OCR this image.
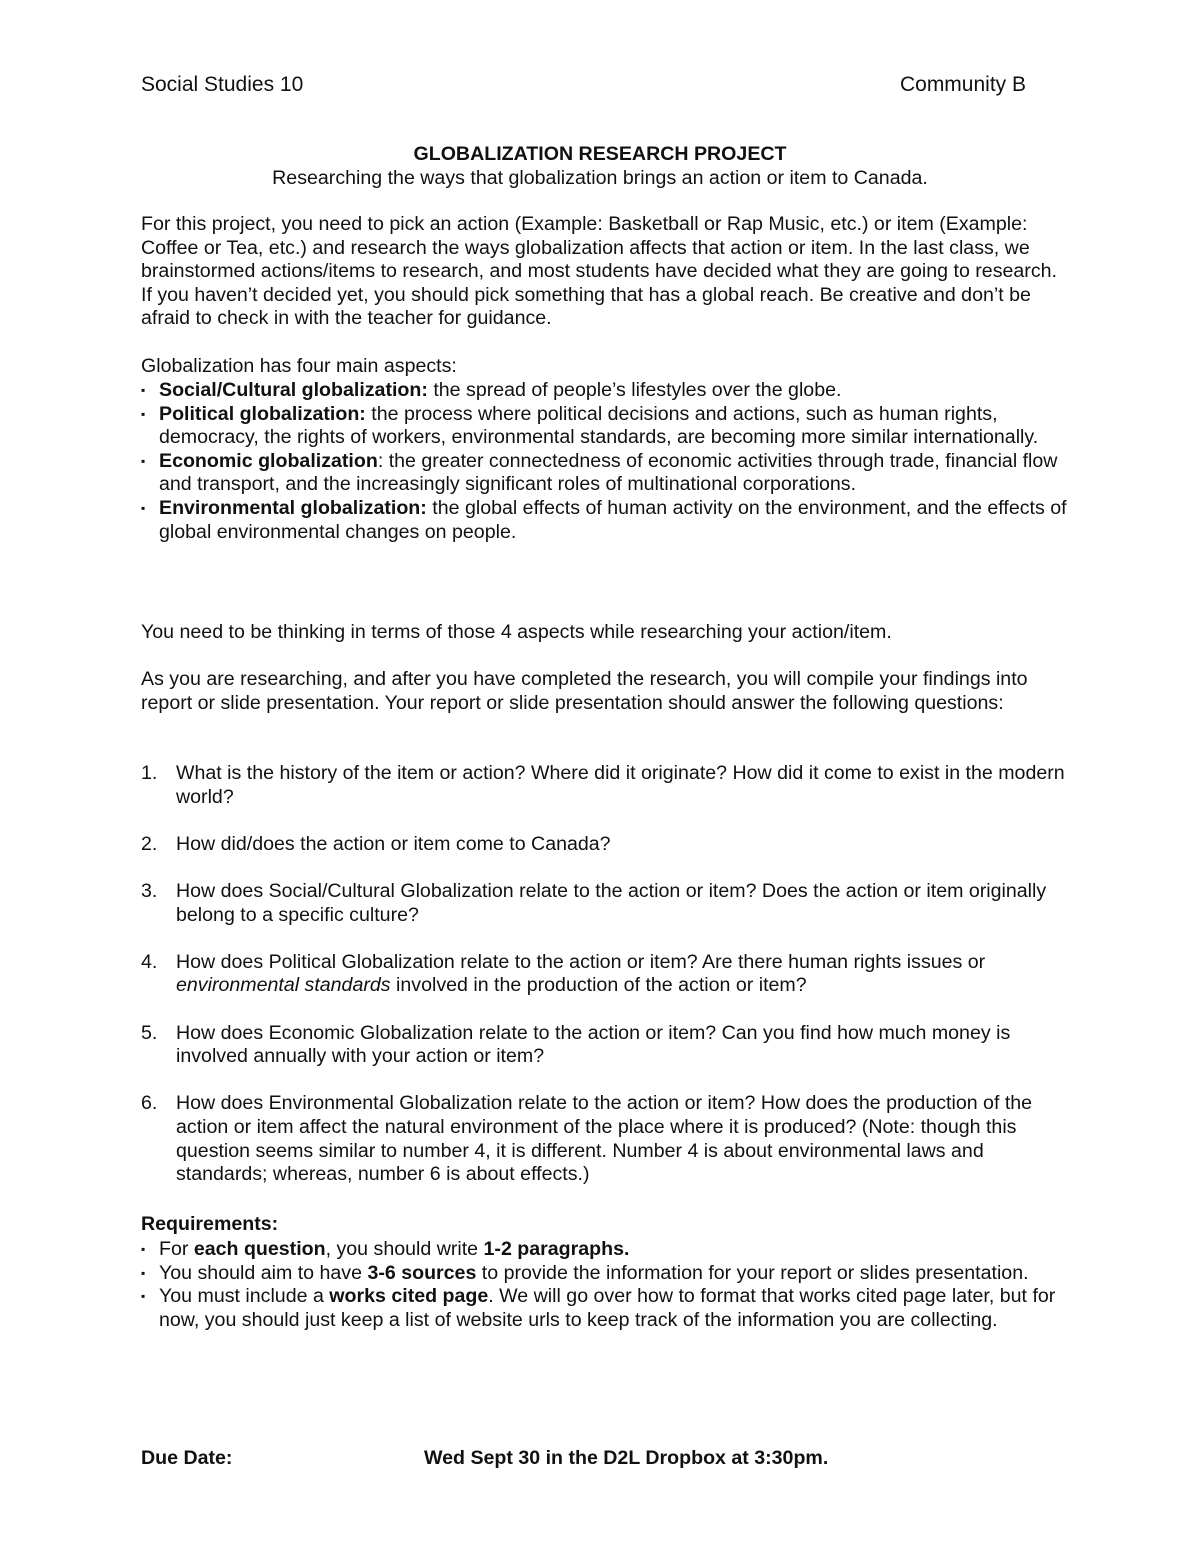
Social Studies 10	Community B
GLOBALIZATION RESEARCH PROJECT
Researching the ways that globalization brings an action or item to Canada.

For this project, you need to pick an action (Example: Basketball or Rap Music, etc.) or item (Example: Coffee or Tea, etc.) and research the ways globalization affects that action or item. In the last class, we brainstormed actions/items to research, and most students have decided what they are going to research. If you haven’t decided yet, you should pick something that has a global reach. Be creative and don’t be afraid to check in with the teacher for guidance.

Globalization has four main aspects:

▪ Social/Cultural globalization: the spread of people’s lifestyles over the globe.
▪ Political globalization: the process where political decisions and actions, such as human rights, democracy, the rights of workers, environmental standards, are becoming more similar internationally.
▪ Economic globalization: the greater connectedness of economic activities through trade, financial flow and transport, and the increasingly significant roles of multinational corporations.
▪ Environmental globalization: the global effects of human activity on the environment, and the effects of global environmental changes on people.

You need to be thinking in terms of those 4 aspects while researching your action/item.

As you are researching, and after you have completed the research, you will compile your findings into report or slide presentation. Your report or slide presentation should answer the following questions:

1. What is the history of the item or action? Where did it originate? How did it come to exist in the modern world?
2. How did/does the action or item come to Canada?
3. How does Social/Cultural Globalization relate to the action or item? Does the action or item originally belong to a specific culture?
4. How does Political Globalization relate to the action or item? Are there human rights issues or environmental standards involved in the production of the action or item?
5. How does Economic Globalization relate to the action or item? Can you find how much money is involved annually with your action or item?
6. How does Environmental Globalization relate to the action or item? How does the production of the action or item affect the natural environment of the place where it is produced? (Note: though this question seems similar to number 4, it is different. Number 4 is about environmental laws and standards; whereas, number 6 is about effects.)

Requirements:

▪ For each question, you should write 1-2 paragraphs.
▪ You should aim to have 3-6 sources to provide the information for your report or slides presentation.
▪ You must include a works cited page. We will go over how to format that works cited page later, but for now, you should just keep a list of website urls to keep track of the information you are collecting.
Due Date:	Wed Sept 30 in the D2L Dropbox at 3:30pm.
